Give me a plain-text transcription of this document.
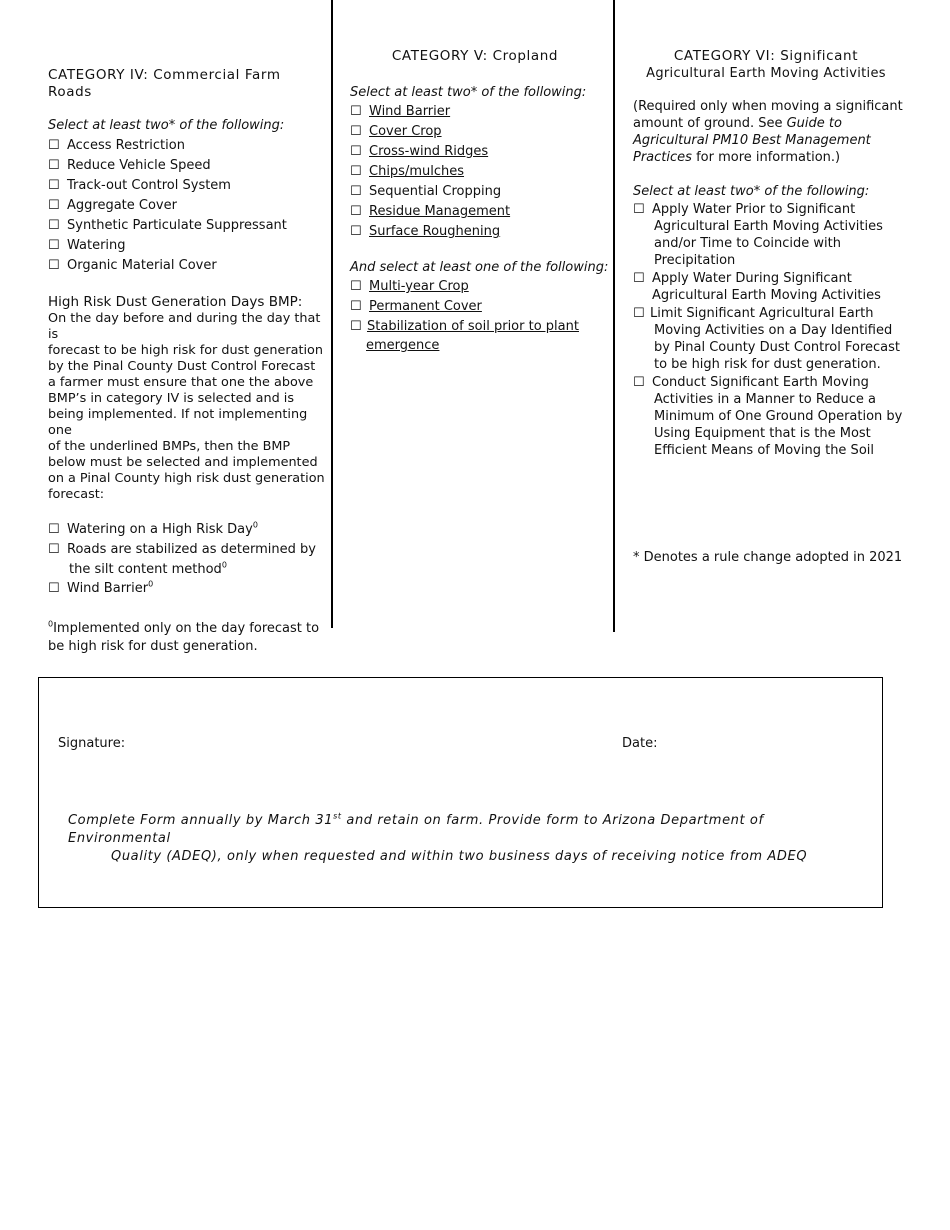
CATEGORY IV: Commercial Farm Roads
Select at least two* of the following:
☐ Access Restriction
☐ Reduce Vehicle Speed
☐ Track-out Control System
☐ Aggregate Cover
☐ Synthetic Particulate Suppressant
☐ Watering
☐ Organic Material Cover
High Risk Dust Generation Days BMP:
On the day before and during the day that is
forecast to be high risk for dust generation
by the Pinal County Dust Control Forecast
a farmer must ensure that one the above
BMP’s in category IV is selected and is
being implemented. If not implementing one
of the underlined BMPs, then the BMP
below must be selected and implemented
on a Pinal County high risk dust generation
forecast:
☐ Watering on a High Risk Day$^0$
☐ Roads are stabilized as determined by
the silt content method$^0$
☐ Wind Barrier$^0$
$^0$Implemented only on the day forecast to
be high risk for dust generation.
CATEGORY V: Cropland
Select at least two* of the following:
☐ Wind Barrier
☐ Cover Crop
☐ Cross-wind Ridges
☐ Chips/mulches
☐ Sequential Cropping
☐ Residue Management
☐ Surface Roughening
And select at least one of the following:
☐ Multi-year Crop
☐ Permanent Cover
☐ Stabilization of soil prior to plant
emergence
CATEGORY VI: Significant
Agricultural Earth Moving Activities
(Required only when moving a significant
amount of ground. See Guide to
Agricultural PM10 Best Management
Practices for more information.)
Select at least two* of the following:
☐ Apply Water Prior to Significant
Agricultural Earth Moving Activities
and/or Time to Coincide with
Precipitation
☐ Apply Water During Significant
Agricultural Earth Moving Activities
☐ Limit Significant Agricultural Earth
Moving Activities on a Day Identified
by Pinal County Dust Control Forecast
to be high risk for dust generation.
☐ Conduct Significant Earth Moving
Activities in a Manner to Reduce a
Minimum of One Ground Operation by
Using Equipment that is the Most
Efficient Means of Moving the Soil
* Denotes a rule change adopted in 2021
Signature:	Date:
Complete Form annually by March 31st and retain on farm. Provide form to Arizona Department of Environmental
Quality (ADEQ), only when requested and within two business days of receiving notice from ADEQ
